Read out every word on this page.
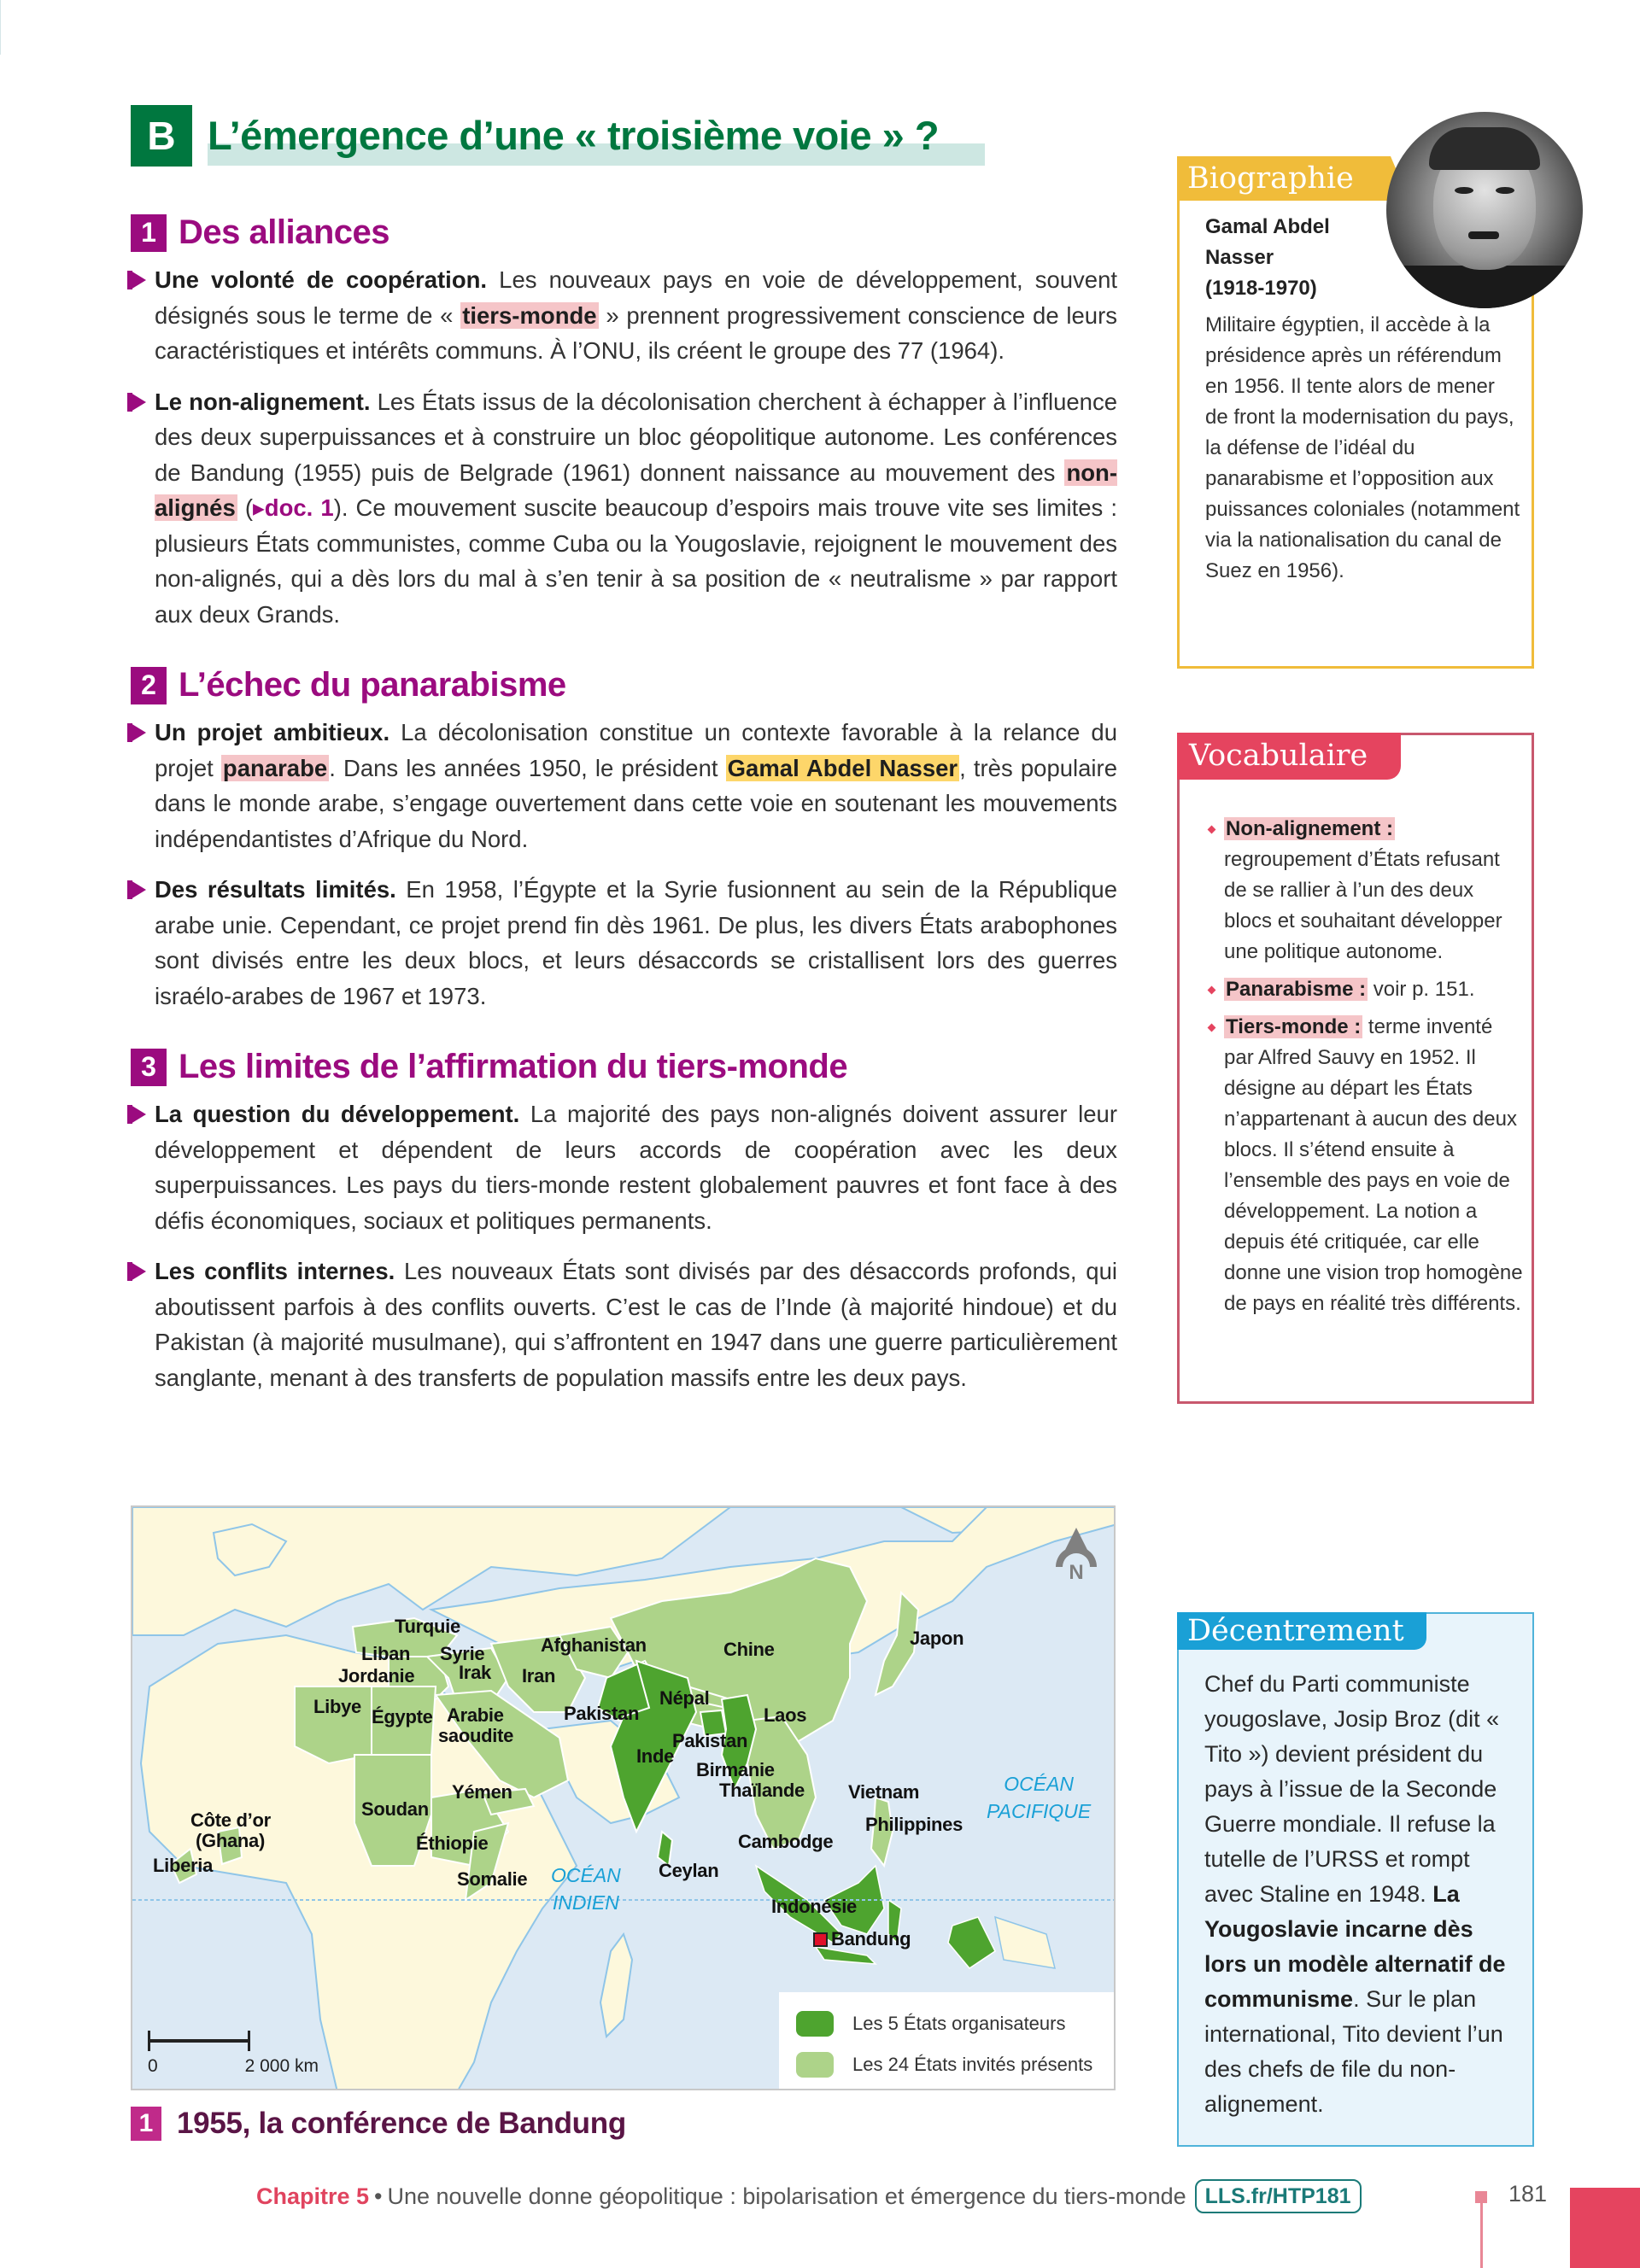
B L’émergence d’une « troisième voie » ?
1 Des alliances

Une volonté de coopération. Les nouveaux pays en voie de développement, souvent désignés sous le terme de « tiers-monde » prennent progressivement conscience de leurs caractéristiques et intérêts communs. À l’ONU, ils créent le groupe des 77 (1964).

Le non-alignement. Les États issus de la décolonisation cherchent à échapper à l’influence des deux superpuissances et à construire un bloc géopolitique autonome. Les conférences de Bandung (1955) puis de Belgrade (1961) donnent naissance au mouvement des non-alignés (▸doc. 1). Ce mouvement suscite beaucoup d’espoirs mais trouve vite ses limites : plusieurs États communistes, comme Cuba ou la Yougoslavie, rejoignent le mouvement des non-alignés, qui a dès lors du mal à s’en tenir à sa position de « neutralisme » par rapport aux deux Grands.

2 L’échec du panarabisme

Un projet ambitieux. La décolonisation constitue un contexte favorable à la relance du projet panarabe. Dans les années 1950, le président Gamal Abdel Nasser, très populaire dans le monde arabe, s’engage ouvertement dans cette voie en soutenant les mouvements indépendantistes d’Afrique du Nord.

Des résultats limités. En 1958, l’Égypte et la Syrie fusionnent au sein de la République arabe unie. Cependant, ce projet prend fin dès 1961. De plus, les divers États arabophones sont divisés entre les deux blocs, et leurs désaccords se cristallisent lors des guerres israélo-arabes de 1967 et 1973.

3 Les limites de l’affirmation du tiers-monde

La question du développement. La majorité des pays non-alignés doivent assurer leur développement et dépendent de leurs accords de coopération avec les deux superpuissances. Les pays du tiers-monde restent globalement pauvres et font face à des défis économiques, sociaux et politiques permanents.

Les conflits internes. Les nouveaux États sont divisés par des désaccords profonds, qui aboutissent parfois à des conflits ouverts. C’est le cas de l’Inde (à majorité hindoue) et du Pakistan (à majorité musulmane), qui s’affrontent en 1947 dans une guerre particulièrement sanglante, menant à des transferts de population massifs entre les deux pays.

Turquie
Liban Syrie
Jordanie Irak Iran
Afghanistan	Chine
Japon
Libye Égypte Arabie
saoudite
Pakistan
Népal
Pakistan
Laos
Inde
Birmanie
Thaïlande Vietnam
Yémen
Soudan
Éthiopie
Côte d’or
(Ghana)
Liberia
Somalie	Ceylan
Cambodge
Philippines
Indonésie
Bandung
OCÉAN
INDIEN
OCÉAN
PACIFIQUE
N
0	2 000 km
Les 5 États organisateurs
Les 24 États invités présents
1 1955, la conférence de Bandung
Biographie
Gamal Abdel
Nasser
(1918-1970)

Militaire égyptien, il accède à la présidence après un référendum en 1956. Il tente alors de mener de front la modernisation du pays, la défense de l’idéal du panarabisme et l’opposition aux puissances coloniales (notamment via la nationalisation du canal de Suez en 1956).

Vocabulaire
Non-alignement : regroupement d’États refusant de se rallier à l’un des deux blocs et souhaitant développer une politique autonome.
Panarabisme : voir p. 151.
Tiers-monde : terme inventé par Alfred Sauvy en 1952. Il désigne au départ les États n’appartenant à aucun des deux blocs. Il s’étend ensuite à l’ensemble des pays en voie de développement. La notion a depuis été critiquée, car elle donne une vision trop homogène de pays en réalité très différents.
Décentrement

Chef du Parti communiste yougoslave, Josip Broz (dit « Tito ») devient président du pays à l’issue de la Seconde Guerre mondiale. Il refuse la tutelle de l’URSS et rompt avec Staline en 1948. La Yougoslavie incarne dès lors un modèle alternatif de communisme. Sur le plan international, Tito devient l’un des chefs de file du non-alignement.

Chapitre 5 • Une nouvelle donne géopolitique : bipolarisation et émergence du tiers-monde LLS.fr/HTP181	181
